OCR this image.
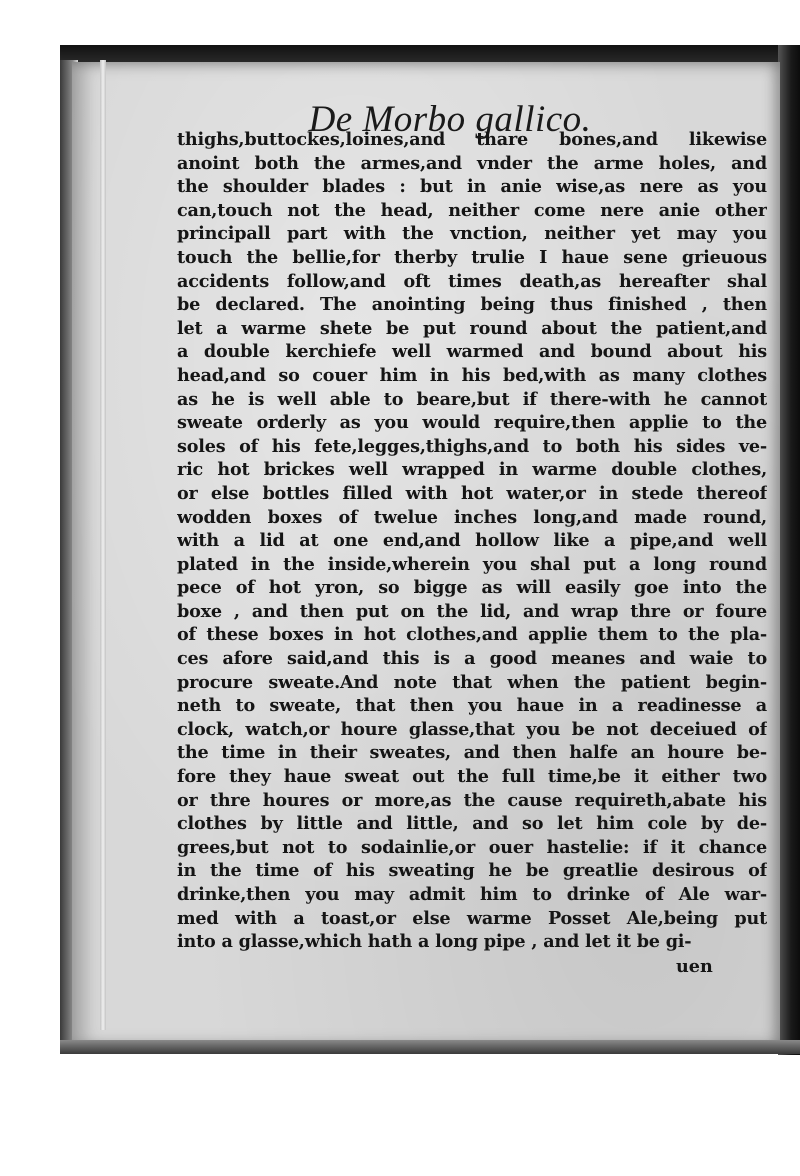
De Morbo gallico.
thighs,buttockes,loines,and thare bones,and likewise
anoint both the armes,and vnder the arme holes, and
the shoulder blades : but in anie wise,as nere as you
can,touch not the head, neither come nere anie other
principall part with the vnction, neither yet may you
touch the bellie,for therby trulie I haue sene grieuous
accidents follow,and oft times death,as hereafter shal
be declared. The anointing being thus finished , then
let a warme shete be put round about the patient,and
a double kerchiefe well warmed and bound about his
head,and so couer him in his bed,with as many clothes
as he is well able to beare,but if there-with he cannot
sweate orderly as you would require,then applie to the
soles of his fete,legges,thighs,and to both his sides ve-
ric hot brickes well wrapped in warme double clothes,
or else bottles filled with hot water,or in stede thereof
wodden boxes of twelue inches long,and made round,
with a lid at one end,and hollow like a pipe,and well
plated in the inside,wherein you shal put a long round
pece of hot yron, so bigge as will easily goe into the
boxe , and then put on the lid, and wrap thre or foure
of these boxes in hot clothes,and applie them to the pla-
ces afore said,and this is a good meanes and waie to
procure sweate.And note that when the patient begin-
neth to sweate, that then you haue in a readinesse a
clock, watch,or houre glasse,that you be not deceiued of
the time in their sweates, and then halfe an houre be-
fore they haue sweat out the full time,be it either two
or thre houres or more,as the cause requireth,abate his
clothes by little and little, and so let him cole by de-
grees,but not to sodainlie,or ouer hastelie: if it chance
in the time of his sweating he be greatlie desirous of
drinke,then you may admit him to drinke of Ale war-
med with a toast,or else warme Posset Ale,being put
into a glasse,which hath a long pipe , and let it be gi-
uen
